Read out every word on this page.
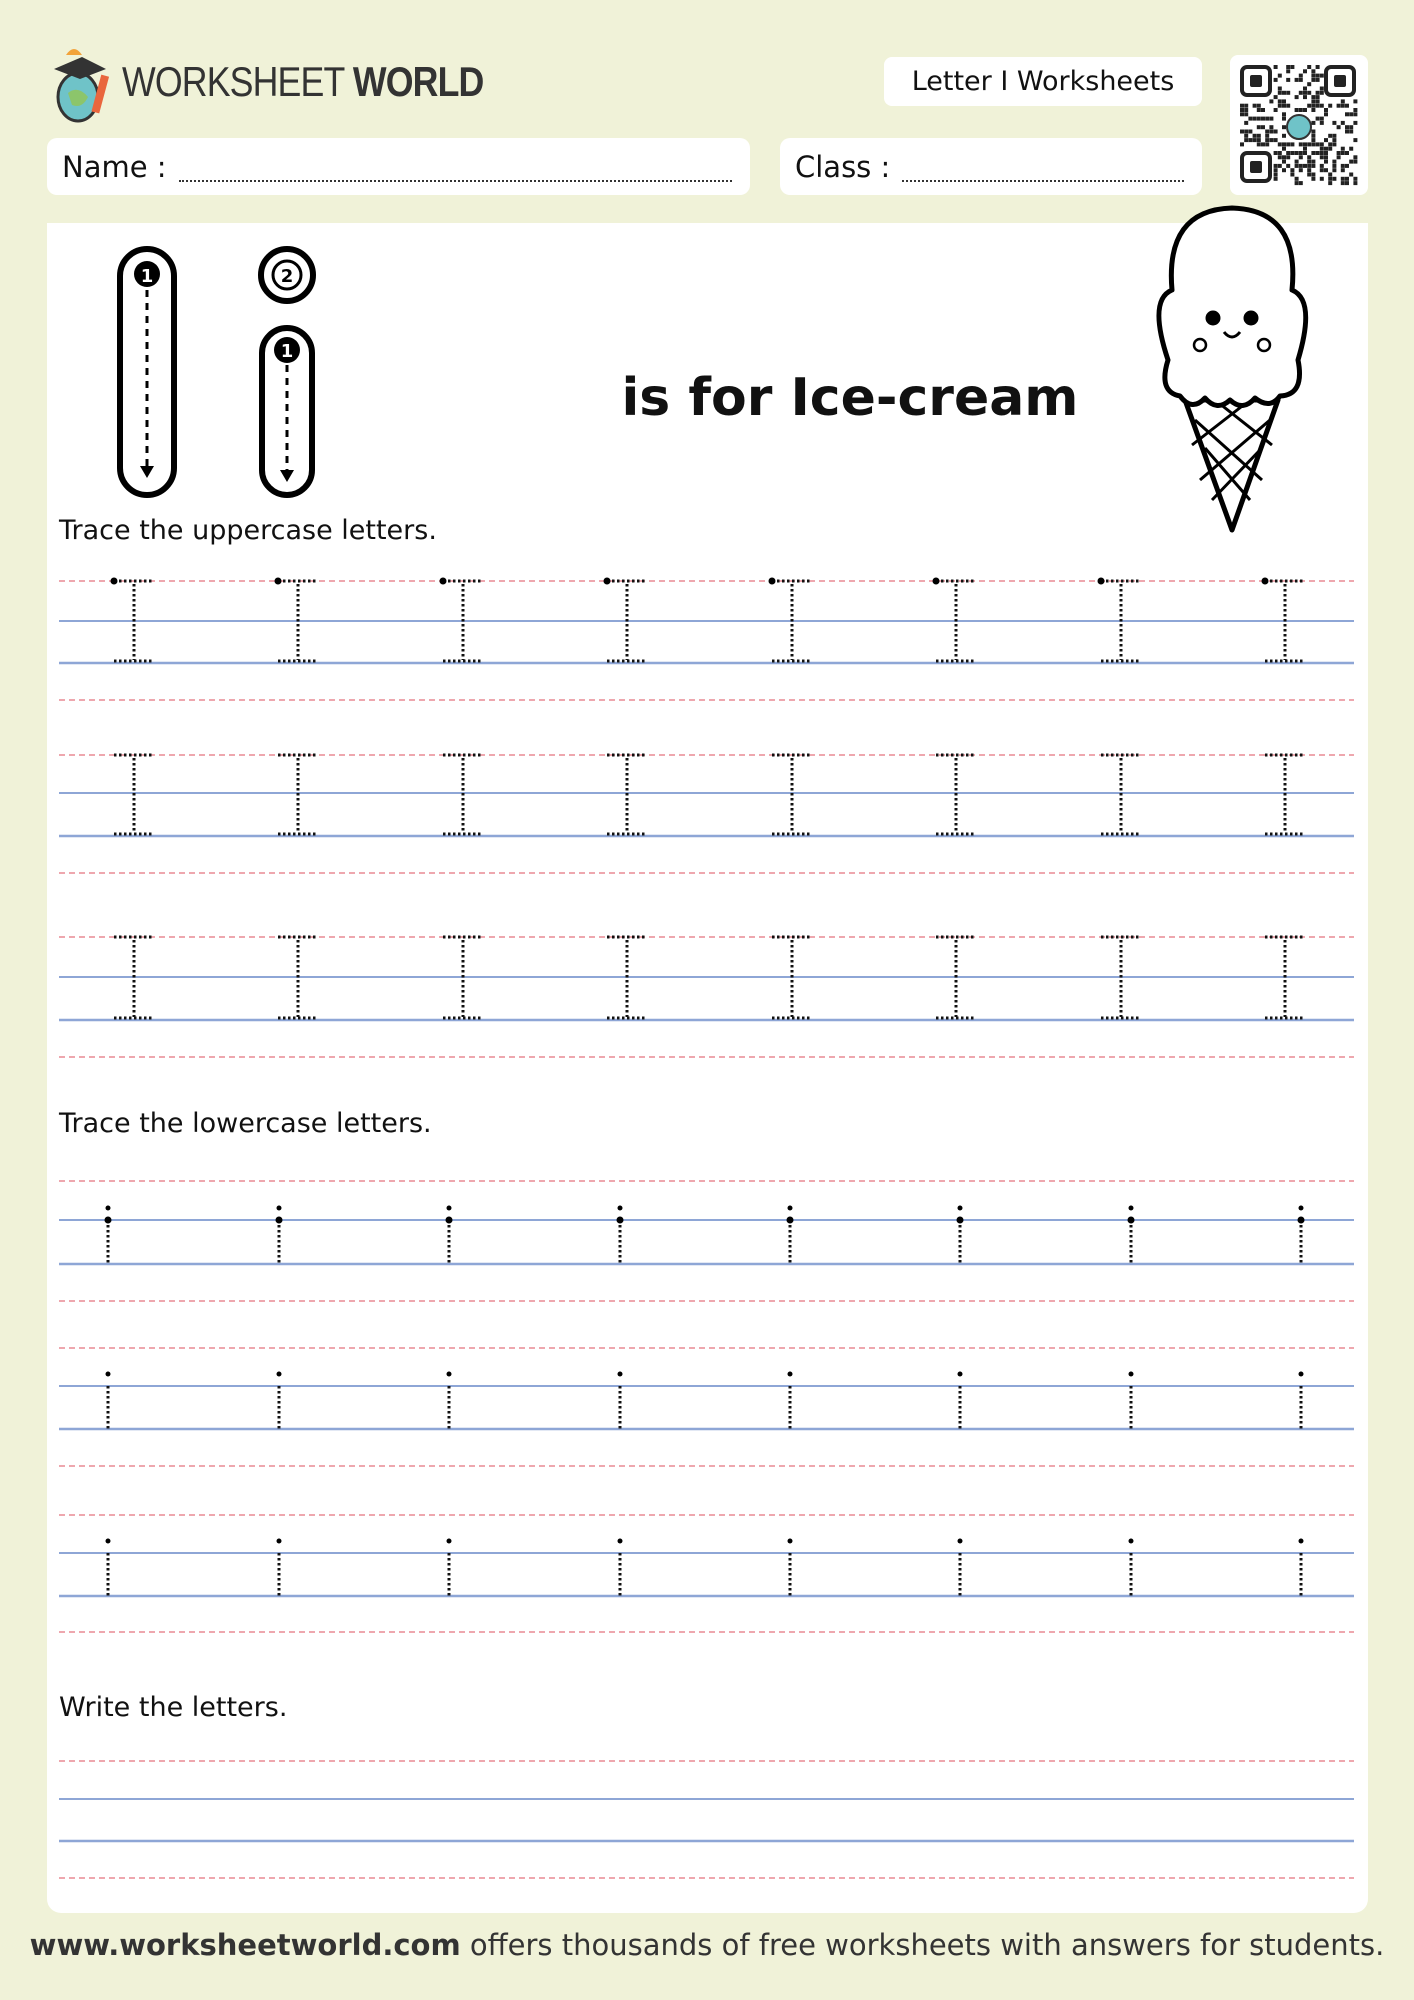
WORKSHEET WORLD	Letter I Worksheets
Name :	Class :
1	2
1
is for Ice-cream
Trace the uppercase letters.
Trace the lowercase letters.
Write the letters.
www.worksheetworld.com offers thousands of free worksheets with answers for students.
